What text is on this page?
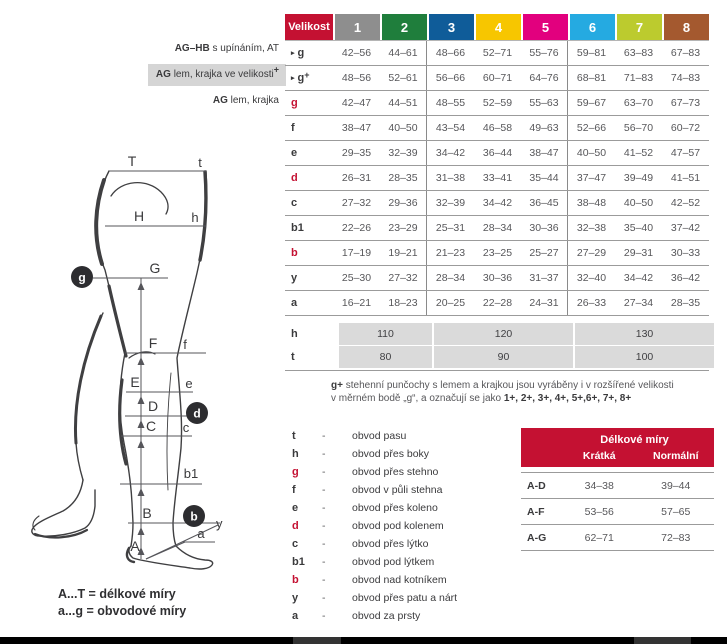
AG–HB s upínáním, AT
AG lem, krajka ve velikosti+
AG lem, krajka
T	t
H	h
G
F f
E	e
D
C c
b1
B
y
A
a
g
d
b
A...T = délkové míry
a...g = obvodové míry
Velikost	1	2	3	4	5	6	7	8
▸ g	42–56	44–61	48–66	52–71	55–76	59–81	63–83	67–83
▸ g +	48–56	52–61	56–66	60–71	64–76	68–81	71–83	74–83
g	42–47	44–51	48–55	52–59	55–63	59–67	63–70	67–73
f	38–47	40–50	43–54	46–58	49–63	52–66	56–70	60–72
e	29–35	32–39	34–42	36–44	38–47	40–50	41–52	47–57
d	26–31	28–35	31–38	33–41	35–44	37–47	39–49	41–51
c	27–32	29–36	32–39	34–42	36–45	38–48	40–50	42–52
b1	22–26	23–29	25–31	28–34	30–36	32–38	35–40	37–42
b	17–19	19–21	21–23	23–25	25–27	27–29	29–31	30–33
y	25–30	27–32	28–34	30–36	31–37	32–40	34–42	36–42
a	16–21	18–23	20–25	22–28	24–31	26–33	27–34	28–35
h	110	120	130
t	80	90	100
g+ stehenní punčochy s lemem a krajkou jsou vyráběny i v rozšířené velikosti
v měrném bodě „g“, a označují se jako 1+, 2+, 3+, 4+, 5+,6+, 7+, 8+
t	-	obvod pasu
h	-	obvod přes boky
g	-	obvod přes stehno
f	-	obvod v půli stehna
e	-	obvod přes koleno
d	-	obvod pod kolenem
c	-	obvod přes lýtko
b1	-	obvod pod lýtkem
b	-	obvod nad kotníkem
y	-	obvod přes patu a nárt
a	-	obvod za prsty
Délkové míry
Krátká	Normální
A-D	34–38	39–44
A-F	53–56	57–65
A-G	62–71	72–83
